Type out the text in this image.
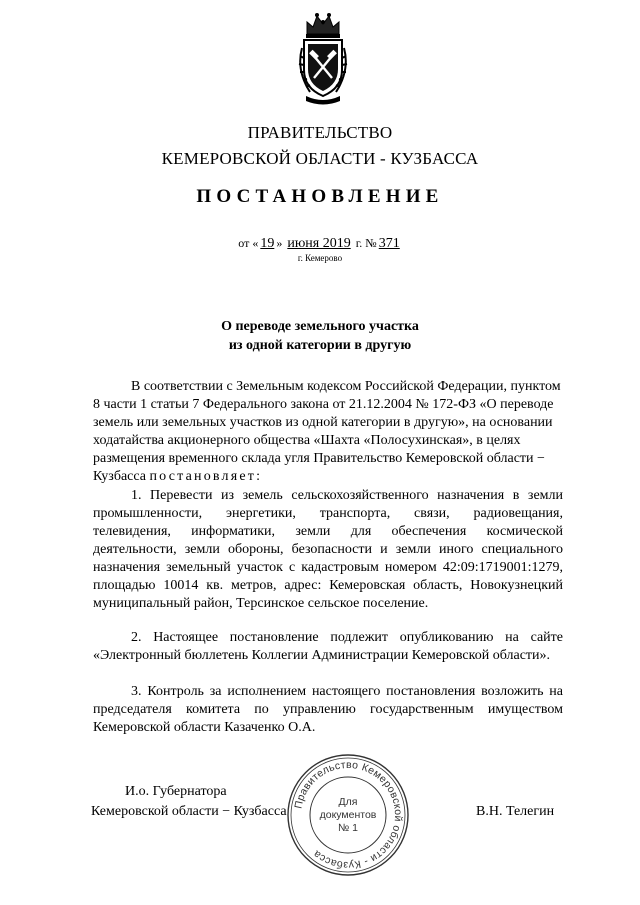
ПРАВИТЕЛЬСТВО
КЕМЕРОВСКОЙ ОБЛАСТИ - КУЗБАССА
ПОСТАНОВЛЕНИЕ
от « 19 » июня 2019 г. № 371
г. Кемерово
О переводе земельного участка
из одной категории в другую

В соответствии с Земельным кодексом Российской Федерации, пунктом 8 части 1 статьи 7 Федерального закона от 21.12.2004 № 172-ФЗ «О переводе земель или земельных участков из одной категории в другую», на основании ходатайства акционерного общества «Шахта «Полосухинская», в целях размещения временного склада угля Правительство Кемеровской области − Кузбасса постановляет:

1. Перевести из земель сельскохозяйственного назначения в земли промышленности, энергетики, транспорта, связи, радиовещания, телевидения, информатики, земли для обеспечения космической деятельности, земли обороны, безопасности и земли иного специального назначения земельный участок с кадастровым номером 42:09:1719001:1279, площадью 10014 кв. метров, адрес: Кемеровская область, Новокузнецкий муниципальный район, Терсинское сельское поселение.

2. Настоящее постановление подлежит опубликованию на сайте «Электронный бюллетень Коллегии Администрации Кемеровской области».

3. Контроль за исполнением настоящего постановления возложить на председателя комитета по управлению государственным имуществом Кемеровской области Казаченко О.А.

И.о. Губернатора
Кемеровской области − Кузбасса	В.Н. Телегин
Правительство Кемеровской области - Кузбасса
Для
документов
№ 1
